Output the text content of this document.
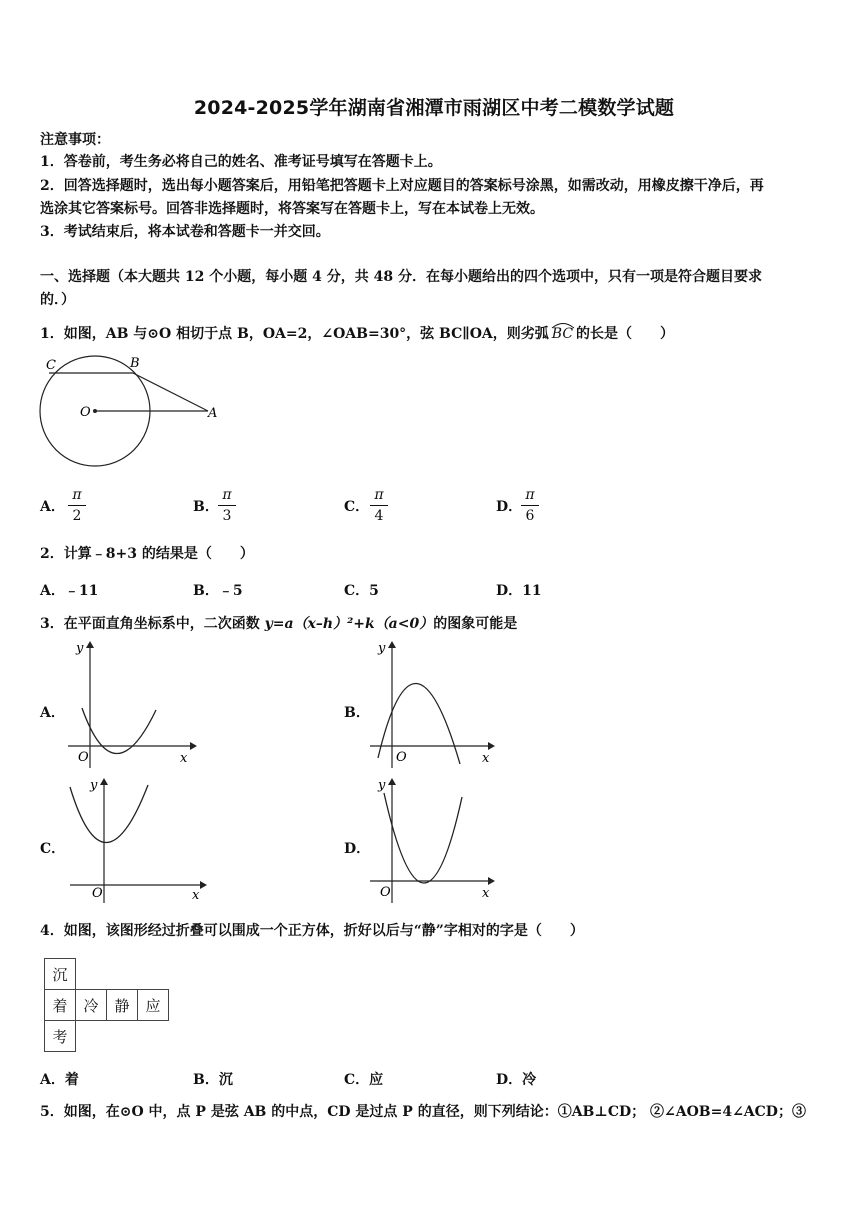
2024-2025学年湖南省湘潭市雨湖区中考二模数学试题
注意事项：
1．答卷前，考生务必将自己的姓名、准考证号填写在答题卡上。
2．回答选择题时，选出每小题答案后，用铅笔把答题卡上对应题目的答案标号涂黑，如需改动，用橡皮擦干净后，再
选涂其它答案标号。回答非选择题时，将答案写在答题卡上，写在本试卷上无效。
3．考试结束后，将本试卷和答题卡一并交回。
一、选择题（本大题共 12 个小题，每小题 4 分，共 48 分．在每小题给出的四个选项中，只有一项是符合题目要求
的．）
1．如图，AB 与⊙O 相切于点 B，OA=2，∠OAB=30°，弦 BC∥OA，则劣弧 BC 的长是（　　）
C	B
O	A
A．
π
2
B．
π
3
C．
π
4
D．
π
6
2．计算﹣8+3 的结果是（　　）
A．﹣11	B．﹣5	C．5	D．11
3．在平面直角坐标系中，二次函数 y=a（x–h）²+k（a<0）的图象可能是
A．
y
O	x
B．
y
O	x
C．
y
O	x
D．
y
O	x
4．如图，该图形经过折叠可以围成一个正方体，折好以后与“静”字相对的字是（　　）
沉			
着	冷	静	应
考			
A．着	B．沉	C．应	D．冷
5．如图，在⊙O 中，点 P 是弦 AB 的中点，CD 是过点 P 的直径，则下列结论：①AB⊥CD； ②∠AOB=4∠ACD；③
